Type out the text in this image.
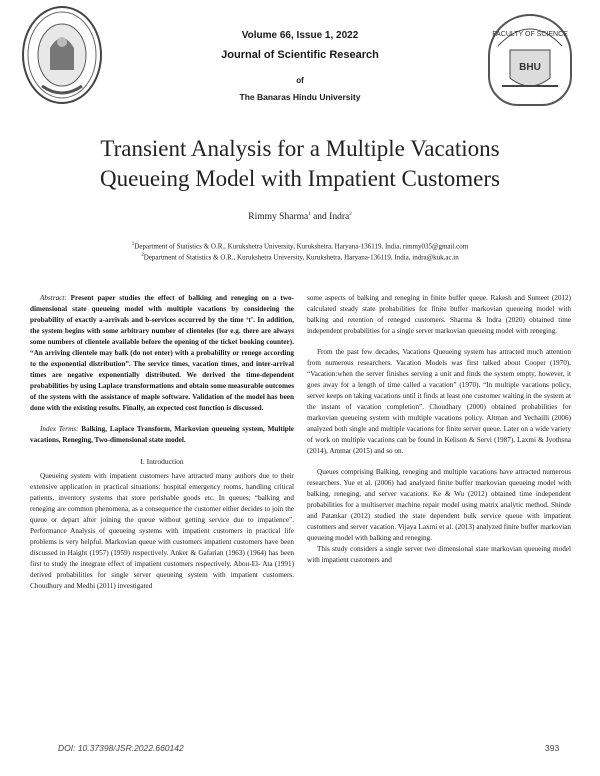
FACULTY OF SCIENCE
BHU
Volume 66, Issue 1, 2022
Journal of Scientific Research
of
The Banaras Hindu University
Transient Analysis for a Multiple Vacations
Queueing Model with Impatient Customers
Rimmy Sharma$^1$ and Indra$^2$
$^1$Department of Statistics & O.R., Kurukshetra University, Kurukshetra, Haryana-136119, India, rimmy035@gmail.com
$^2$Department of Statistics & O.R., Kurukshetra University, Kurukshetra, Haryana-136119, India, indra@kuk.ac.in

Abstract: Present paper studies the effect of balking and reneging on a two-dimensional state queueing model with multiple vacations by considering the probability of exactly a-arrivals and b-services occurred by the time ‘t’. In addition, the system begins with some arbitrary number of clienteles (for e.g. there are always some numbers of clientele available before the opening of the ticket booking counter). “An arriving clientele may balk (do not enter) with a probability or renege according to the exponential distribution”. The service times, vacation times, and inter-arrival times are negative exponentially distributed. We derived the time-dependent probabilities by using Laplace transformations and obtain some measurable outcomes of the system with the assistance of maple software. Validation of the model has been done with the existing results. Finally, an expected cost function is discussed.

Index Terms: Balking, Laplace Transform, Markovian queueing system, Multiple vacations, Reneging, Two-dimensional state model.

I. Introduction

Queueing system with impatient customers have attracted many authors due to their extensive application in practical situations: hospital emergency rooms, handling critical patients, inventory systems that store perishable goods etc. In queues; “balking and reneging are common phenomena, as a consequence the customer either decides to join the queue or depart after joining the queue without getting service due to impatience”. Performance Analysis of queueing systems with impatient customers in practical life problems is very helpful. Markovian queue with customers impatient customers have been discussed in Haight (1957) (1959) respectively. Anker & Gafarian (1963) (1964) has been first to study the integrate effect of impatient customers respectively. Abou-El- Ata (1991) derived probabilities for single server queueing system with impatient customers. Choudhury and Medhi (2011) investigated

some aspects of balking and reneging in finite buffer queue. Rakesh and Sumeet (2012) calculated steady state probabilities for finite buffer markovian queueing model with balking and retention of reneged customers. Sharma & Indra (2020) obtained time independent probabilities for a single server markovian queueing model with reneging.

From the past few decades, Vacations Queueing system has attracted much attention from numerous researchers. Vacation Models was first talked about Cooper (1970). “Vacation:when the server finishes serving a unit and finds the system empty, however, it goes away for a length of time called a vacation” (1970). “In multiple vacations policy, server keeps on taking vacations until it finds at least one customer waiting in the system at the instant of vacation completion”. Choudhary (2000) obtained probabilities for markovian queueing system with multiple vacations policy. Altman and Yechailli (2006) analyzed both single and multiple vacations for finite server queue. Later on a wide variety of work on multiple vacations can be found in Kelison & Servi (1987), Laxmi & Jyothsna (2014), Ammar (2015) and so on.

Queues comprising Balking, reneging and multiple vacations have attracted numerous researchers. Yue et al. (2006) had analyzed finite buffer markovian queueing model with balking, reneging, and server vacations. Ke & Wu (2012) obtained time independent probabilities for a multiserver machine repair model using matrix analytic method. Shinde and Patankar (2012) studied the state dependent bulk service queue with impatient customers and server vacation. Vijaya Laxmi et al. (2013) analyzed finite buffer markovian queueing model with balking and reneging.

This study considers a single server two dimensional state markovian queueing model with impatient customers and

DOI: 10.37398/JSR.2022.660142	393
